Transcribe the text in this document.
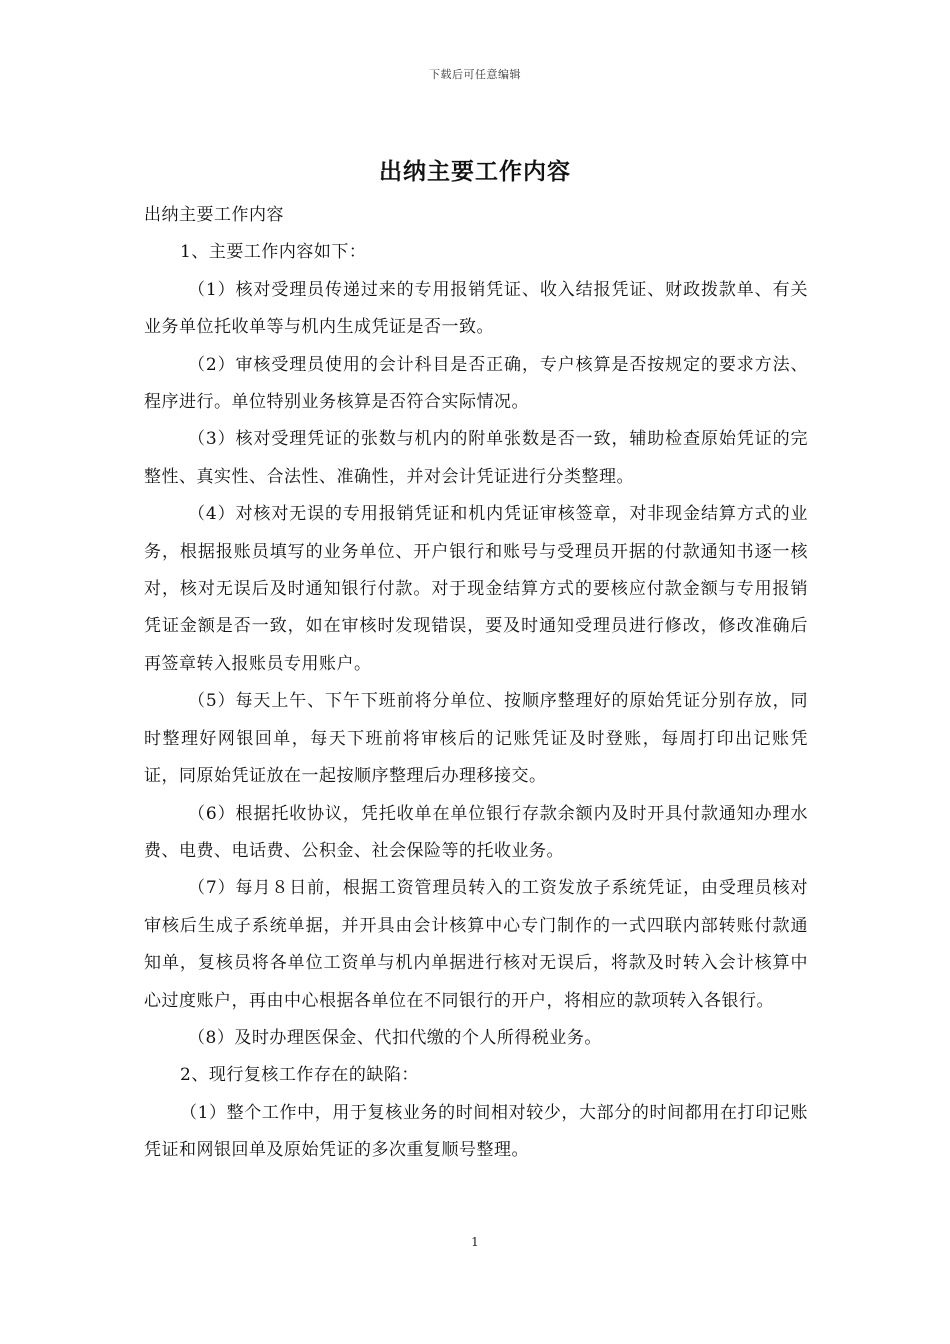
下载后可任意编辑
出纳主要工作内容

出纳主要工作内容

1、主要工作内容如下：

（1）核对受理员传递过来的专用报销凭证、收入结报凭证、财政拨款单、有关业务单位托收单等与机内生成凭证是否一致。

（2）审核受理员使用的会计科目是否正确，专户核算是否按规定的要求方法、程序进行。单位特别业务核算是否符合实际情况。

（3）核对受理凭证的张数与机内的附单张数是否一致，辅助检查原始凭证的完整性、真实性、合法性、准确性，并对会计凭证进行分类整理。

（4）对核对无误的专用报销凭证和机内凭证审核签章，对非现金结算方式的业务，根据报账员填写的业务单位、开户银行和账号与受理员开据的付款通知书逐一核对，核对无误后及时通知银行付款。对于现金结算方式的要核应付款金额与专用报销凭证金额是否一致，如在审核时发现错误，要及时通知受理员进行修改，修改准确后再签章转入报账员专用账户。

（5）每天上午、下午下班前将分单位、按顺序整理好的原始凭证分别存放，同时整理好网银回单，每天下班前将审核后的记账凭证及时登账，每周打印出记账凭证，同原始凭证放在一起按顺序整理后办理移接交。

（6）根据托收协议，凭托收单在单位银行存款余额内及时开具付款通知办理水费、电费、电话费、公积金、社会保险等的托收业务。

（7）每月８日前，根据工资管理员转入的工资发放子系统凭证，由受理员核对审核后生成子系统单据，并开具由会计核算中心专门制作的一式四联内部转账付款通知单，复核员将各单位工资单与机内单据进行核对无误后，将款及时转入会计核算中心过度账户，再由中心根据各单位在不同银行的开户，将相应的款项转入各银行。

（8）及时办理医保金、代扣代缴的个人所得税业务。

2、现行复核工作存在的缺陷：

（1）整个工作中，用于复核业务的时间相对较少，大部分的时间都用在打印记账凭证和网银回单及原始凭证的多次重复顺号整理。

1
